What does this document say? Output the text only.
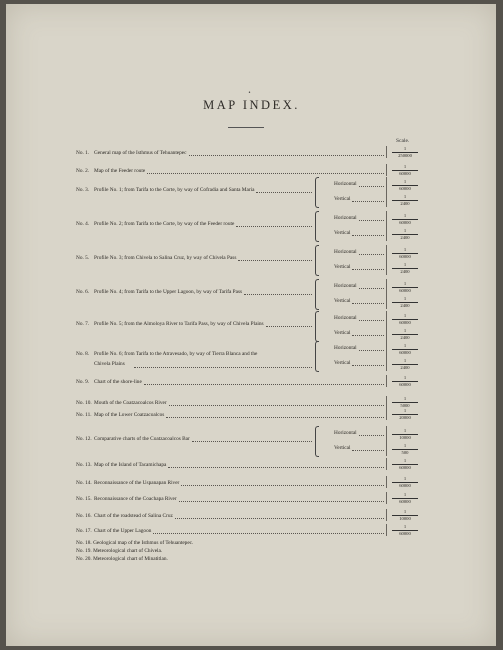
•
MAP INDEX.
Scale.
No. 1. General map of the Isthmus of Tehuantepec
1
250000
No. 2. Map of the Feeder route
1
60000
No. 3. Profile No. 1; from Tarifa to the Corte, by way of Cofradia and Santa Maria
Horizontal	1
60000
Vertical	1
2400
No. 4. Profile No. 2; from Tarifa to the Corte, by way of the Feeder route
Horizontal	1
60000
Vertical	1
2400
No. 5. Profile No. 3; from Chivela to Salina Cruz, by way of Chivela Pass
Horizontal	1
60000
Vertical	1
2400
No. 6. Profile No. 4; from Tarifa to the Upper Lagoon, by way of Tarifa Pass
Horizontal	1
60000
Vertical	1
2400
No. 7. Profile No. 5; from the Almoloya River to Tarifa Pass, by way of Chivela Plains
Horizontal	1
60000
Vertical	1
2400
No. 8. Profile No. 6; from Tarifa to the Atravesado, by way of Tierra Blanca and the
Chivela Plains
Horizontal	1
60000
Vertical	1
2400
No. 9. Chart of the shore-line
1
60000
No. 10. Mouth of the Coatzacoalcos River
1
5000
No. 11. Map of the Lower Coatzacoalcos
1
20000
No. 12. Comparative charts of the Coatzacoalcos Bar
Horizontal	1
10000
Vertical	1
500
No. 13. Map of the Island of Tacamichapa
1
60000
No. 14. Reconnaissance of the Uspanapan River
1
60000
No. 15. Reconnaissance of the Coachapa River
1
60000
No. 16. Chart of the roadstead of Salina Cruz
1
10000
No. 17. Chart of the Upper Lagoon
1
60000
No. 18. Geological map of the Isthmus of Tehuantepec.
No. 19. Meteorological chart of Chivela.
No. 20. Meteorological chart of Minatitlan.
